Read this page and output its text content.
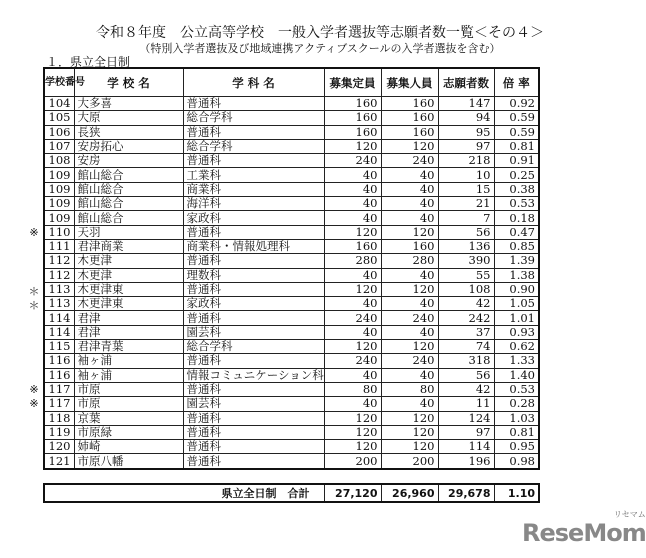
令和８年度　公立高等学校　一般入学者選抜等志願者数一覧＜その４＞
（特別入学者選抜及び地域連携アクティブスクールの入学者選抜を含む）
１．県立全日制
※
＊
＊
※
※
学校番号	学 校 名	学 科 名	募集定員	募集人員	志願者数	倍 率
104	大多喜	普通科	160	160	147	0.92
105	大原	総合学科	160	160	94	0.59
106	長狭	普通科	160	160	95	0.59
107	安房拓心	総合学科	120	120	97	0.81
108	安房	普通科	240	240	218	0.91
109	館山総合	工業科	40	40	10	0.25
109	館山総合	商業科	40	40	15	0.38
109	館山総合	海洋科	40	40	21	0.53
109	館山総合	家政科	40	40	7	0.18
110	天羽	普通科	120	120	56	0.47
111	君津商業	商業科・情報処理科	160	160	136	0.85
112	木更津	普通科	280	280	390	1.39
112	木更津	理数科	40	40	55	1.38
113	木更津東	普通科	120	120	108	0.90
113	木更津東	家政科	40	40	42	1.05
114	君津	普通科	240	240	242	1.01
114	君津	園芸科	40	40	37	0.93
115	君津青葉	総合学科	120	120	74	0.62
116	袖ヶ浦	普通科	240	240	318	1.33
116	袖ヶ浦	情報コミュニケーション科	40	40	56	1.40
117	市原	普通科	80	80	42	0.53
117	市原	園芸科	40	40	11	0.28
118	京葉	普通科	120	120	124	1.03
119	市原緑	普通科	120	120	97	0.81
120	姉崎	普通科	120	120	114	0.95
121	市原八幡	普通科	200	200	196	0.98
県立全日制　合計	27,120	26,960	29,678	1.10
ReseMom
リセマム
